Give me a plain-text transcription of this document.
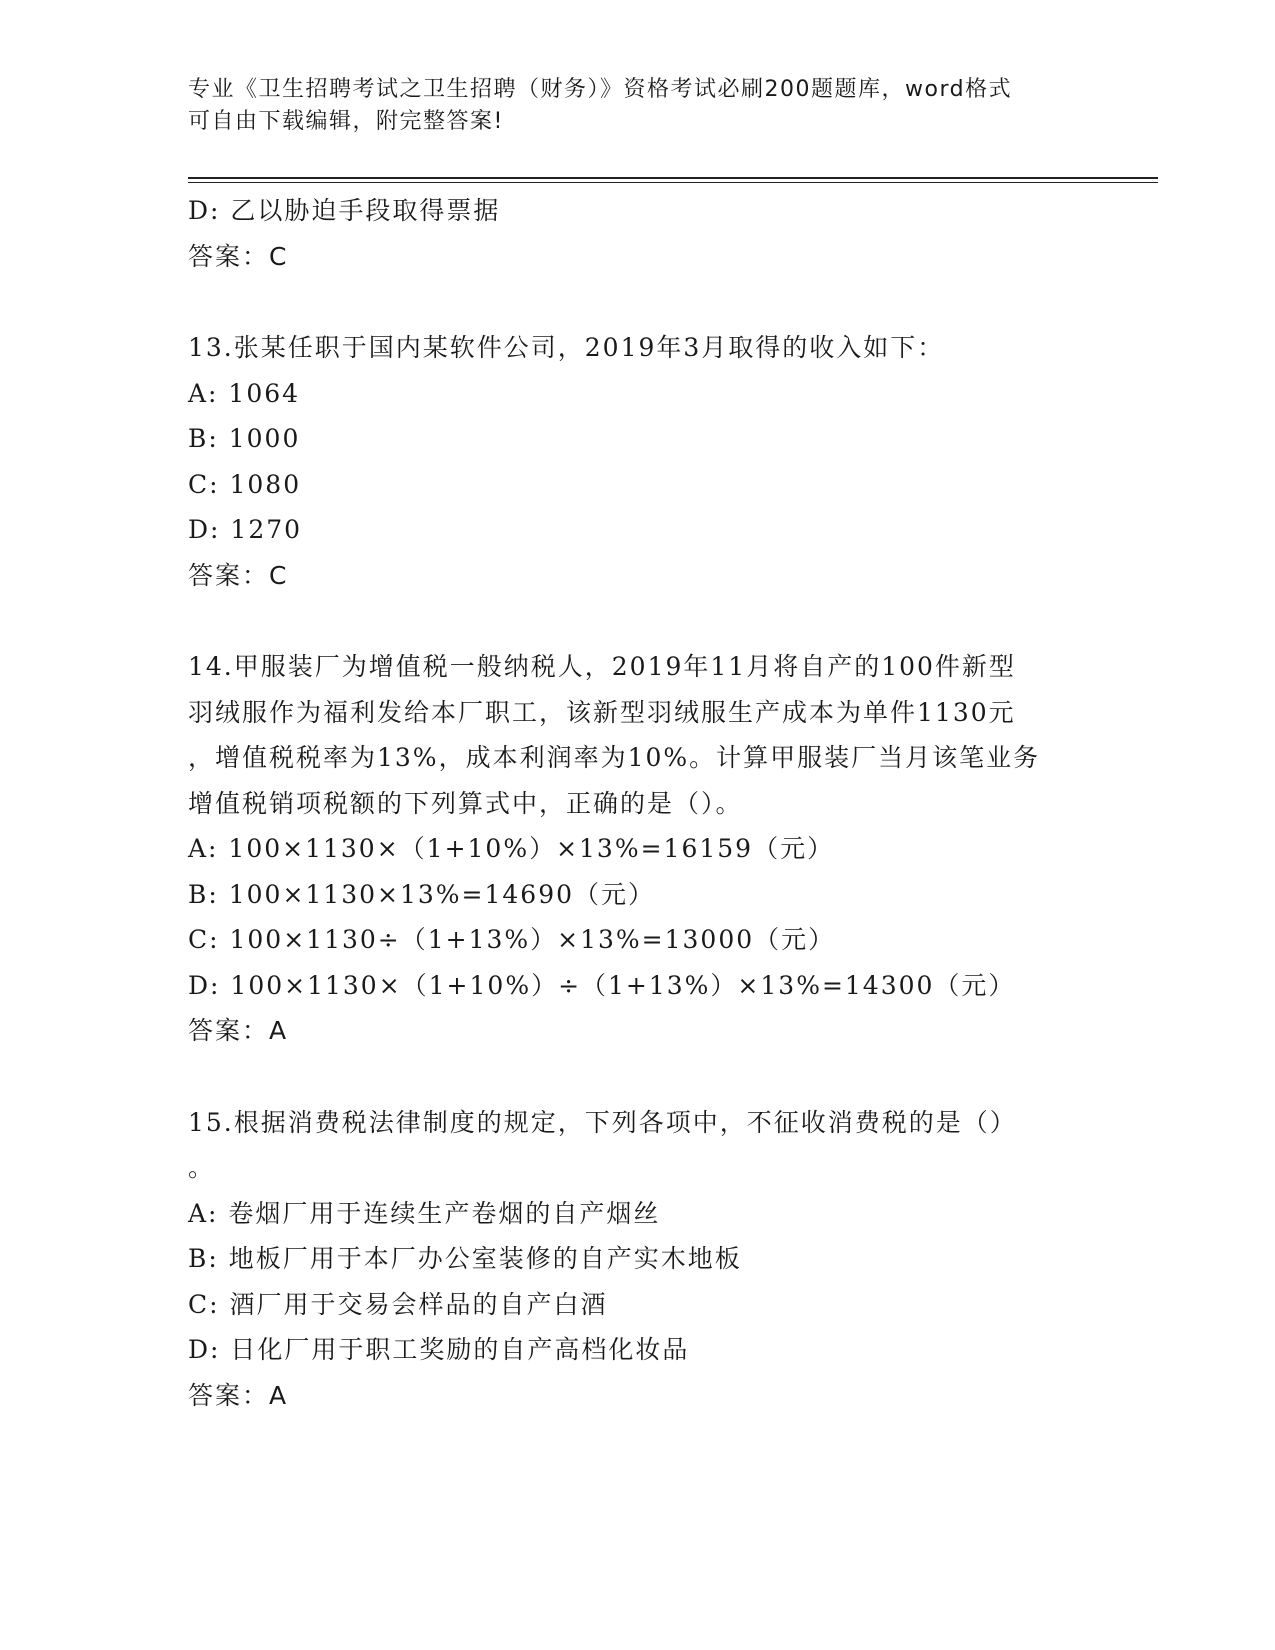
专业《卫生招聘考试之卫生招聘（财务）》资格考试必刷200题题库，word格式
可自由下载编辑，附完整答案!
D: 乙以胁迫手段取得票据
答案：C
13.张某任职于国内某软件公司，2019年3月取得的收入如下：
A: 1064
B: 1000
C: 1080
D: 1270
答案：C
14.甲服装厂为增值税一般纳税人，2019年11月将自产的100件新型
羽绒服作为福利发给本厂职工，该新型羽绒服生产成本为单件1130元
，增值税税率为13%，成本利润率为10%。计算甲服装厂当月该笔业务
增值税销项税额的下列算式中，正确的是（）。
A: 100×1130×（1+10%）×13%=16159（元）
B: 100×1130×13%=14690（元）
C: 100×1130÷（1+13%）×13%=13000（元）
D: 100×1130×（1+10%）÷（1+13%）×13%=14300（元）
答案：A
15.根据消费税法律制度的规定，下列各项中，不征收消费税的是（）
。
A: 卷烟厂用于连续生产卷烟的自产烟丝
B: 地板厂用于本厂办公室装修的自产实木地板
C: 酒厂用于交易会样品的自产白酒
D: 日化厂用于职工奖励的自产高档化妆品
答案：A
